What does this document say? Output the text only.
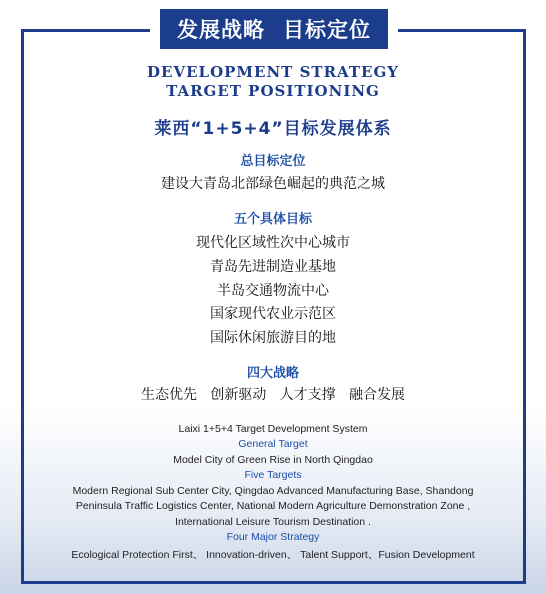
发展战略 目标定位
DEVELOPMENT STRATEGY
TARGET POSITIONING
莱西“1+5+4”目标发展体系
总目标定位
建设大青岛北部绿色崛起的典范之城
五个具体目标
现代化区域性次中心城市
青岛先进制造业基地
半岛交通物流中心
国家现代农业示范区
国际休闲旅游目的地
四大战略
生态优先   创新驱动   人才支撑   融合发展
Laixi 1+5+4 Target Development System
General Target
Model City of Green Rise in North Qingdao
Five Targets
Modern Regional Sub Center City, Qingdao Advanced Manufacturing Base, Shandong
Peninsula Traffic Logistics Center, National Modern Agriculture Demonstration Zone ,
International Leisure Tourism Destination .
Four Major Strategy
Ecological Protection First、 Innovation-driven、 Talent Support、Fusion Development
